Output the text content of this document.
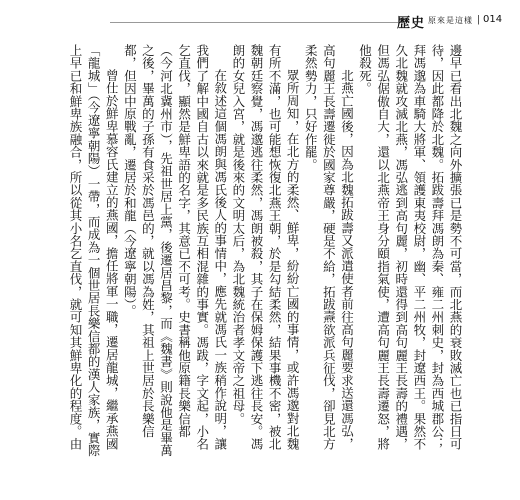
歷史 原來是這樣 | 014

邊早已看出北魏之向外擴張已是勢不可當，而北燕的衰敗滅亡也已指日可待，因此都降於北魏。拓跋壽拜馮朗為秦、雍二州刺史，封為西城郡公；拜馮邈為車騎大將軍、領護東夷校尉，幽、平二州牧，封遼西王。果然不久北魏就攻滅北燕，馮弘逃到高句麗，初時還得到高句麗王長壽的禮遇，但馮弘倨傲自大，還以北燕帝王身分頤指氣使，遭高句麗王長壽遷怒，將他殺死。

北燕亡國後，因為北魏拓跋壽又派遣使者前往高句麗要求送還馮弘，高句麗王長壽遷徙於國家尊嚴，硬是不給，拓跋燾欲派兵征伐，卻見北方柔然勢力，只好作罷。

眾所周知，在北方的柔然、鮮卑，紛紛亡國的事情，或許馮邈對北魏有所不滿，也可能想恢復北燕王朝，於是勾結柔然，結果事機不密，被北魏朝廷察覺，馮邈逃往柔然，馮朗被殺，其子在保姆保護下逃往長安。馮朗的女兒入宮，就是後來的文明太后，為北魏統治者孝文帝之祖母。

在敘述這個馮朗與馮氏後人的事情中，應先就馮氏一族稍作說明，讓我們了解中國自古以來就是多民族互相混雜的事實。馮跋，字文起，小名乞直伐，顯然是鮮卑語的名字，其意已不可考。史書稱他原籍長樂信都（今河北冀州市），先祖世居上黨，後遷居昌黎，而《魏書》則說他是畢萬之後，畢萬的子孫有食采於馮邑的，就以馮為姓，其祖上世居於長樂信都，但因中原戰亂，遷居於和龍（今遼寧朝陽）。

曾仕於鮮卑慕容氏建立的燕國，擔任將軍一職，遷居龍城，繼承燕國「龍城」（今遼寧朝陽）一帶，而成為一個世居長樂信都的漢人家族，實際上早已和鮮卑族融合，所以從其小名乞直伐，就可知其鮮卑化的程度。由
